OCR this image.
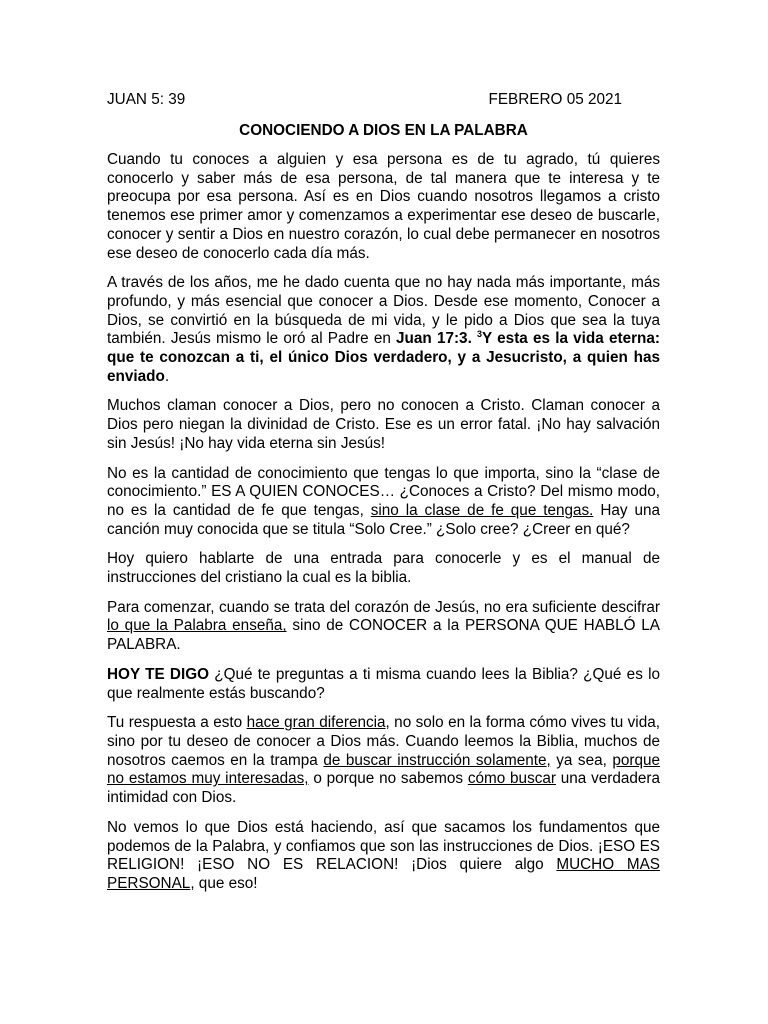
JUAN 5: 39	FEBRERO 05 2021
CONOCIENDO A DIOS EN LA PALABRA

Cuando tu conoces a alguien y esa persona es de tu agrado, tú quieres conocerlo y saber más de esa persona, de tal manera que te interesa y te preocupa por esa persona. Así es en Dios cuando nosotros llegamos a cristo tenemos ese primer amor y comenzamos a experimentar ese deseo de buscarle, conocer y sentir a Dios en nuestro corazón, lo cual debe permanecer en nosotros ese deseo de conocerlo cada día más.

A través de los años, me he dado cuenta que no hay nada más importante, más profundo, y más esencial que conocer a Dios. Desde ese momento, Conocer a Dios, se convirtió en la búsqueda de mi vida, y le pido a Dios que sea la tuya también. Jesús mismo le oró al Padre en Juan 17:3. $^3$Y esta es la vida eterna: que te conozcan a ti, el único Dios verdadero, y a Jesucristo, a quien has enviado.

Muchos claman conocer a Dios, pero no conocen a Cristo. Claman conocer a Dios pero niegan la divinidad de Cristo. Ese es un error fatal. ¡No hay salvación sin Jesús! ¡No hay vida eterna sin Jesús!

No es la cantidad de conocimiento que tengas lo que importa, sino la “clase de conocimiento.” ES A QUIEN CONOCES… ¿Conoces a Cristo? Del mismo modo, no es la cantidad de fe que tengas, sino la clase de fe que tengas. Hay una canción muy conocida que se titula “Solo Cree.” ¿Solo cree? ¿Creer en qué?

Hoy quiero hablarte de una entrada para conocerle y es el manual de instrucciones del cristiano la cual es la biblia.

Para comenzar, cuando se trata del corazón de Jesús, no era suficiente descifrar lo que la Palabra enseña, sino de CONOCER a la PERSONA QUE HABLÓ LA PALABRA.

HOY TE DIGO ¿Qué te preguntas a ti misma cuando lees la Biblia? ¿Qué es lo que realmente estás buscando?

Tu respuesta a esto hace gran diferencia, no solo en la forma cómo vives tu vida, sino por tu deseo de conocer a Dios más. Cuando leemos la Biblia, muchos de nosotros caemos en la trampa de buscar instrucción solamente, ya sea, porque no estamos muy interesadas, o porque no sabemos cómo buscar una verdadera intimidad con Dios.

No vemos lo que Dios está haciendo, así que sacamos los fundamentos que podemos de la Palabra, y confiamos que son las instrucciones de Dios. ¡ESO ES RELIGION! ¡ESO NO ES RELACION! ¡Dios quiere algo MUCHO MAS PERSONAL, que eso!
